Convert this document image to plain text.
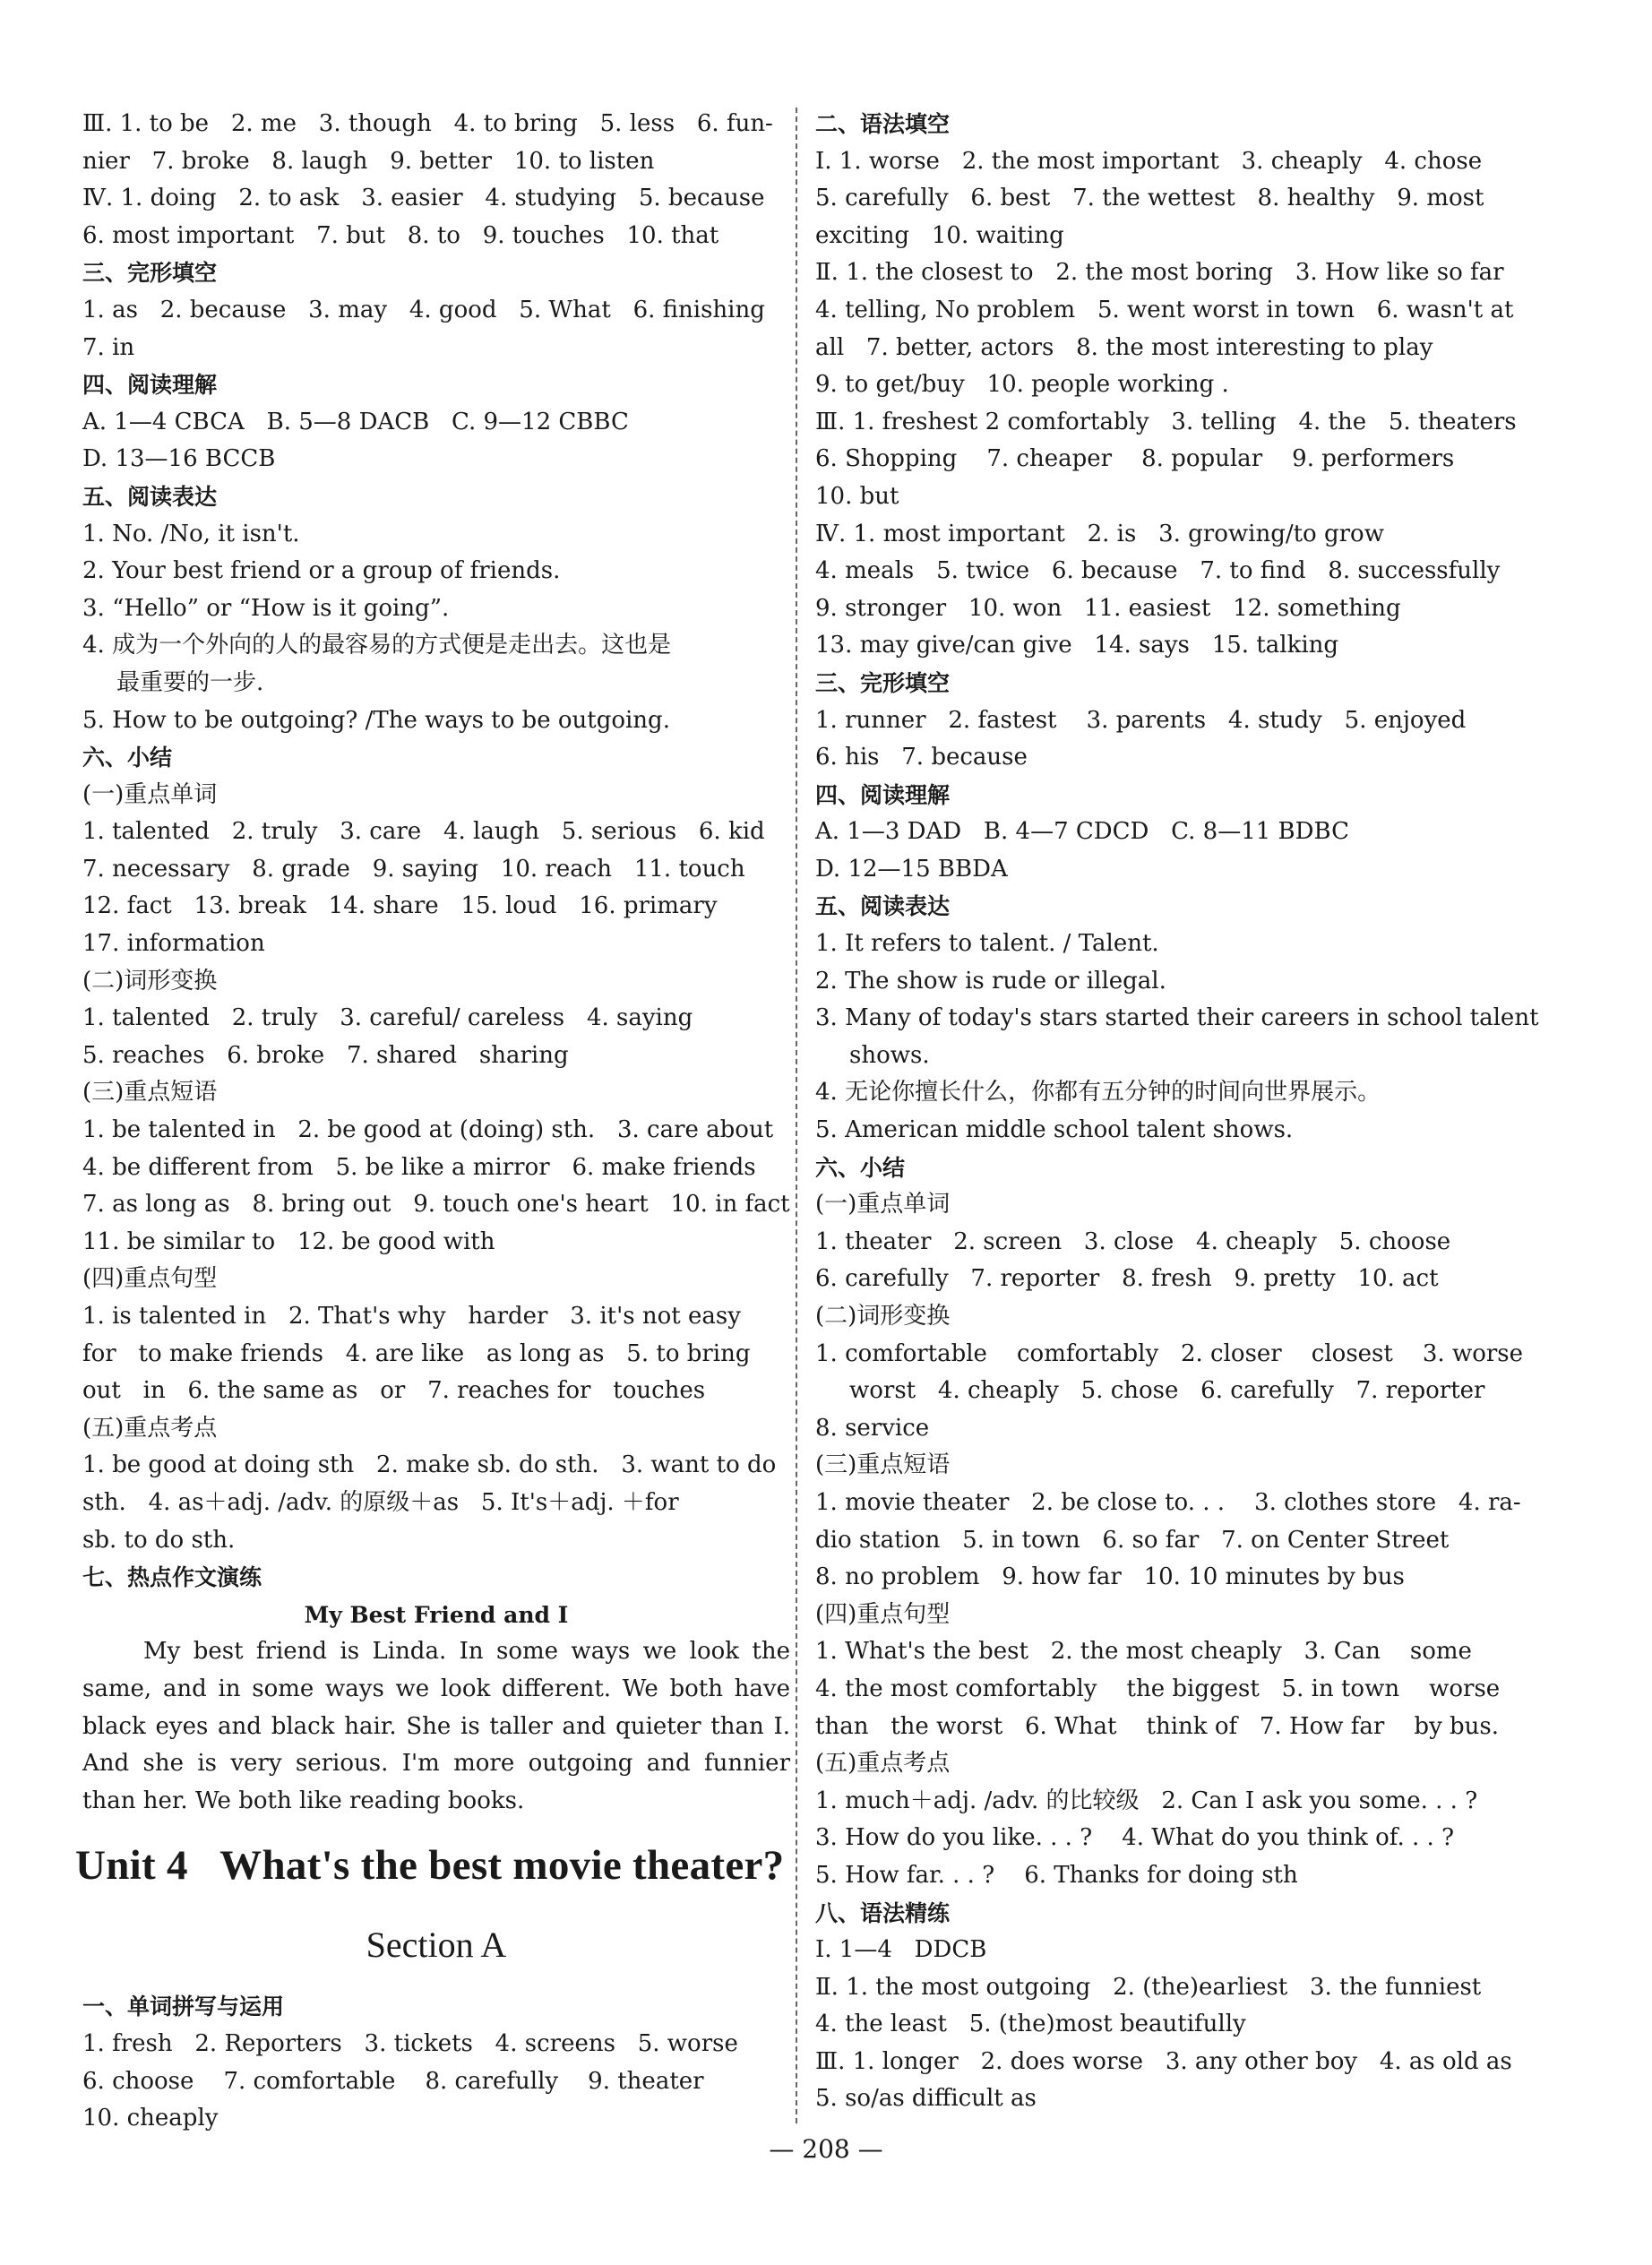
Ⅲ. 1. to be   2. me   3. though   4. to bring   5. less   6. fun-

nier   7. broke   8. laugh   9. better   10. to listen

Ⅳ. 1. doing   2. to ask   3. easier   4. studying   5. because

6. most important   7. but   8. to   9. touches   10. that

三、完形填空

1. as   2. because   3. may   4. good   5. What   6. finishing

7. in

四、阅读理解

A. 1—4 CBCA   B. 5—8 DACB   C. 9—12 CBBC

D. 13—16 BCCB

五、阅读表达

1. No. /No, it isn't.

2. Your best friend or a group of friends.

3. “Hello” or “How is it going”.

4. 成为一个外向的人的最容易的方式便是走出去。这也是

最重要的一步.

5. How to be outgoing? /The ways to be outgoing.

六、小结

(一)重点单词

1. talented   2. truly   3. care   4. laugh   5. serious   6. kid

7. necessary   8. grade   9. saying   10. reach   11. touch

12. fact   13. break   14. share   15. loud   16. primary

17. information

(二)词形变换

1. talented   2. truly   3. careful/ careless   4. saying

5. reaches   6. broke   7. shared   sharing

(三)重点短语

1. be talented in   2. be good at (doing) sth.   3. care about

4. be different from   5. be like a mirror   6. make friends

7. as long as   8. bring out   9. touch one's heart   10. in fact

11. be similar to   12. be good with

(四)重点句型

1. is talented in   2. That's why   harder   3. it's not easy

for   to make friends   4. are like   as long as   5. to bring

out   in   6. the same as   or   7. reaches for   touches

(五)重点考点

1. be good at doing sth   2. make sb. do sth.   3. want to do

sth.   4. as＋adj. /adv. 的原级＋as   5. It's＋adj. ＋for

sb. to do sth.

七、热点作文演练

My Best Friend and I

My best friend is Linda. In some ways we look the same, and in some ways we look different. We both have black eyes and black hair. She is taller and quieter than I. And she is very serious. I'm more outgoing and funnier than her. We both like reading books.

Unit 4   What's the best movie theater?

Section A

一、单词拼写与运用

1. fresh   2. Reporters   3. tickets   4. screens   5. worse

6. choose    7. comfortable    8. carefully    9. theater

10. cheaply

二、语法填空

Ⅰ. 1. worse   2. the most important   3. cheaply   4. chose

5. carefully   6. best   7. the wettest   8. healthy   9. most

exciting   10. waiting

Ⅱ. 1. the closest to   2. the most boring   3. How like so far

4. telling, No problem   5. went worst in town   6. wasn't at

all   7. better, actors   8. the most interesting to play

9. to get/buy   10. people working .

Ⅲ. 1. freshest 2 comfortably   3. telling   4. the   5. theaters

6. Shopping    7. cheaper    8. popular    9. performers

10. but

Ⅳ. 1. most important   2. is   3. growing/to grow

4. meals   5. twice   6. because   7. to find   8. successfully

9. stronger   10. won   11. easiest   12. something

13. may give/can give   14. says   15. talking

三、完形填空

1. runner   2. fastest    3. parents   4. study   5. enjoyed

6. his   7. because

四、阅读理解

A. 1—3 DAD   B. 4—7 CDCD   C. 8—11 BDBC

D. 12—15 BBDA

五、阅读表达

1. It refers to talent. / Talent.

2. The show is rude or illegal.

3. Many of today's stars started their careers in school talent

shows.

4. 无论你擅长什么，你都有五分钟的时间向世界展示。

5. American middle school talent shows.

六、小结

(一)重点单词

1. theater   2. screen   3. close   4. cheaply   5. choose

6. carefully   7. reporter   8. fresh   9. pretty   10. act

(二)词形变换

1. comfortable    comfortably   2. closer    closest    3. worse

worst   4. cheaply   5. chose   6. carefully   7. reporter

8. service

(三)重点短语

1. movie theater   2. be close to. . .    3. clothes store   4. ra-

dio station   5. in town   6. so far   7. on Center Street

8. no problem   9. how far   10. 10 minutes by bus

(四)重点句型

1. What's the best   2. the most cheaply   3. Can    some

4. the most comfortably    the biggest   5. in town    worse

than   the worst   6. What    think of   7. How far    by bus.

(五)重点考点

1. much＋adj. /adv. 的比较级   2. Can I ask you some. . . ?

3. How do you like. . . ?    4. What do you think of. . . ?

5. How far. . . ?    6. Thanks for doing sth

八、语法精练

Ⅰ. 1—4   DDCB

Ⅱ. 1. the most outgoing   2. (the)earliest   3. the funniest

4. the least   5. (the)most beautifully

Ⅲ. 1. longer   2. does worse   3. any other boy   4. as old as

5. so/as difficult as

— 208 —
